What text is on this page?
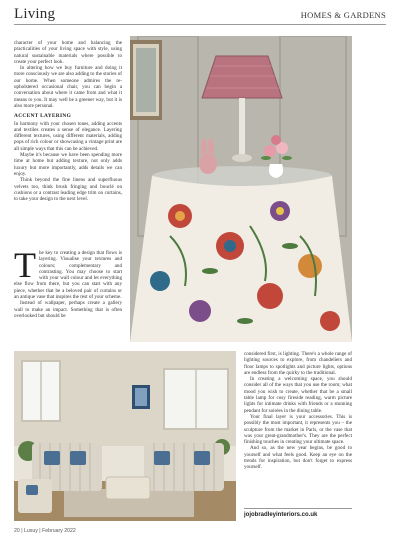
Living	HOMES & GARDENS

character of your home and balancing the practicalities of your living space with style, using natural sustainable materials where possible to create your perfect look.

In altering how we buy furniture and doing it more consciously we are also adding to the stories of our home. When someone admires the re-upholstered occasional chair, you can begin a conversation about where it came from and what it means to you. It may well be a greener way, but it is also more personal.

ACCENT LAYERING

In harmony with your chosen tones, adding accents and textiles creates a sense of elegance. Layering different textures, using different materials, adding pops of rich colour or showcasing a vintage print are all simple ways that this can be achieved.

Maybe it's because we have been spending more time at home but adding texture, not only adds luxury but more importantly, adds details we can enjoy.

Think beyond the fine linens and superfluous velvets too, think brush fringing and bouclé on cushions or a contrast leading edge trim on curtains, to take your design to the next level.

T he key to creating a design that flows is layering. Visualise your textures and colours; complementary and contrasting. You may choose to start with your wall colour and let everything else flow from there, but you can start with any piece, whether that be a beloved pair of curtains or an antique vase that inspires the rest of your scheme.

Instead of wallpaper, perhaps create a gallery wall to make an impact. Something that is often overlooked but should be

considered first, is lighting. There's a whole range of lighting sources to explore, from chandeliers and floor lamps to spotlights and picture lights, options are endless from the quirky to the traditional.

In creating a welcoming space, you should consider all of the ways that you use the room; what mood you wish to create, whether that be a small table lamp for cosy fireside reading, warm picture lights for intimate drinks with friends or a stunning pendant for soirées in the dining table.

Your final layer is your accessories. This is possibly the most important, it represents you – the sculpture from the market in Paris, or the vase that was your great-grandmother's. They are the perfect finishing touches in creating your ultimate space.

And so, as the new year begins, be good to yourself and what feels good. Keep an eye on the trends for inspiration, but don't forget to express yourself.

jojobradleyinteriors.co.uk
20 | Luxuy | February 2022
